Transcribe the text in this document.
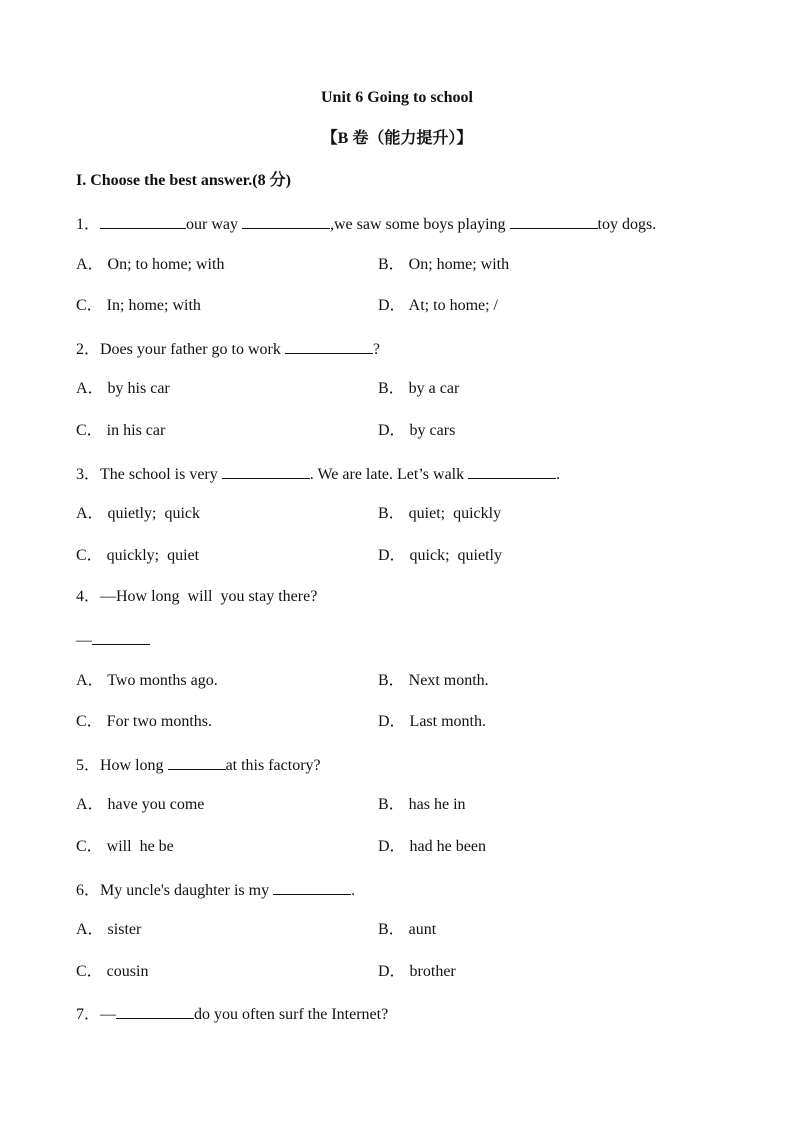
Unit 6 Going to school
【B 卷（能力提升）】
I. Choose the best answer.(8 分)
1．	our way	,we saw some boys playing	toy dogs.
A． On; to home; with	B． On; home; with
C． In; home; with	D． At; to home; /
2．Does your father go to work	?
A． by his car	B． by a car
C． in his car	D． by cars
3．The school is very	. We are late. Let’s walk	.
A． quietly;  quick	B． quiet;  quickly
C． quickly;  quiet	D． quick;  quietly
4．—How long  will  you stay there?
—
A． Two months ago.	B． Next month.
C． For two months.	D． Last month.
5．How long	at this factory?
A． have you come	B． has he in
C． will  he be	D． had he been
6．My uncle's daughter is my	.
A． sister	B． aunt
C． cousin	D． brother
7．—	do you often surf the Internet?
